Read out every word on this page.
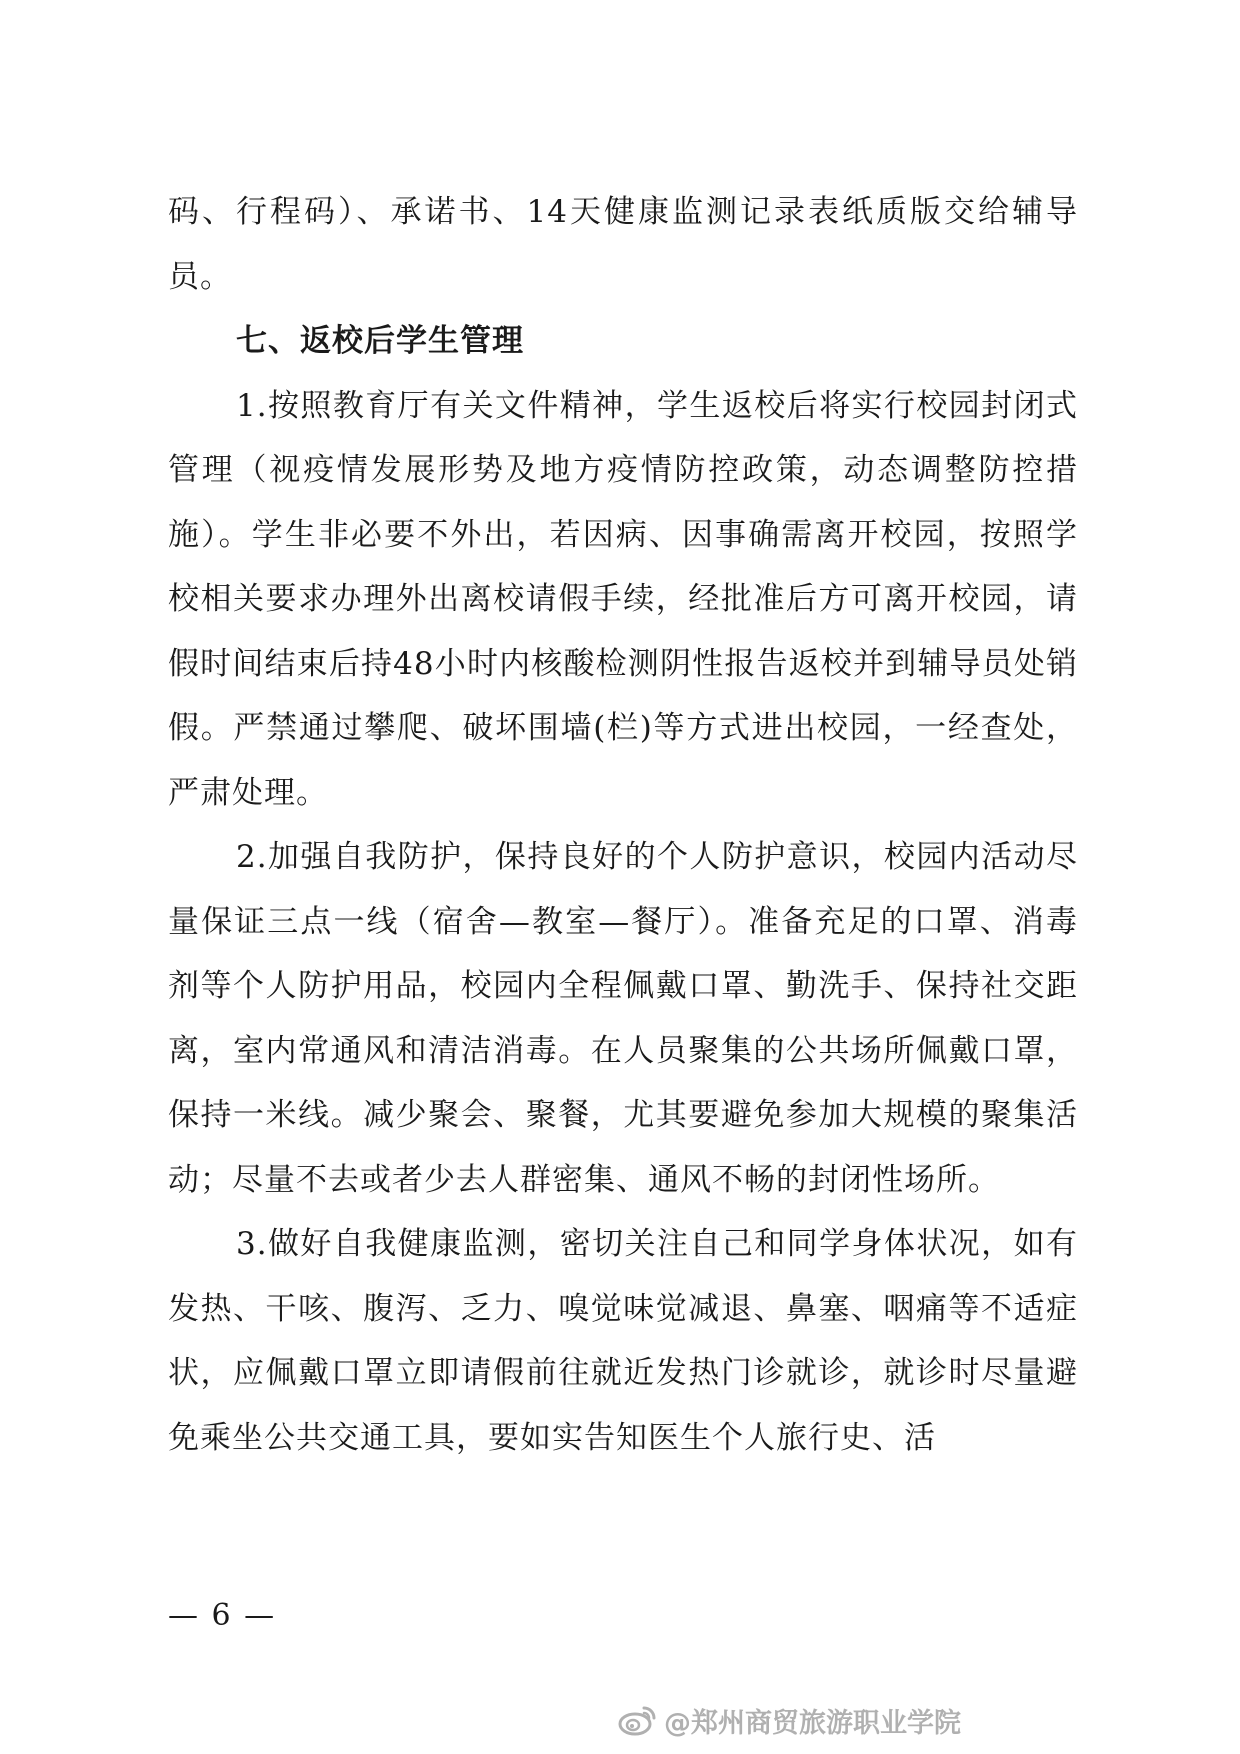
码、行程码）、承诺书、14天健康监测记录表纸质版交给辅导员。

七、返校后学生管理

1.按照教育厅有关文件精神，学生返校后将实行校园封闭式管理（视疫情发展形势及地方疫情防控政策，动态调整防控措施）。学生非必要不外出，若因病、因事确需离开校园，按照学校相关要求办理外出离校请假手续，经批准后方可离开校园，请假时间结束后持48小时内核酸检测阴性报告返校并到辅导员处销假。严禁通过攀爬、破坏围墙(栏)等方式进出校园，一经查处，严肃处理。

2.加强自我防护，保持良好的个人防护意识，校园内活动尽量保证三点一线（宿舍—教室—餐厅）。准备充足的口罩、消毒剂等个人防护用品，校园内全程佩戴口罩、勤洗手、保持社交距离，室内常通风和清洁消毒。在人员聚集的公共场所佩戴口罩，保持一米线。减少聚会、聚餐，尤其要避免参加大规模的聚集活动；尽量不去或者少去人群密集、通风不畅的封闭性场所。

3.做好自我健康监测，密切关注自己和同学身体状况，如有发热、干咳、腹泻、乏力、嗅觉味觉减退、鼻塞、咽痛等不适症状，应佩戴口罩立即请假前往就近发热门诊就诊，就诊时尽量避免乘坐公共交通工具，要如实告知医生个人旅行史、活

— 6 —
@郑州商贸旅游职业学院
